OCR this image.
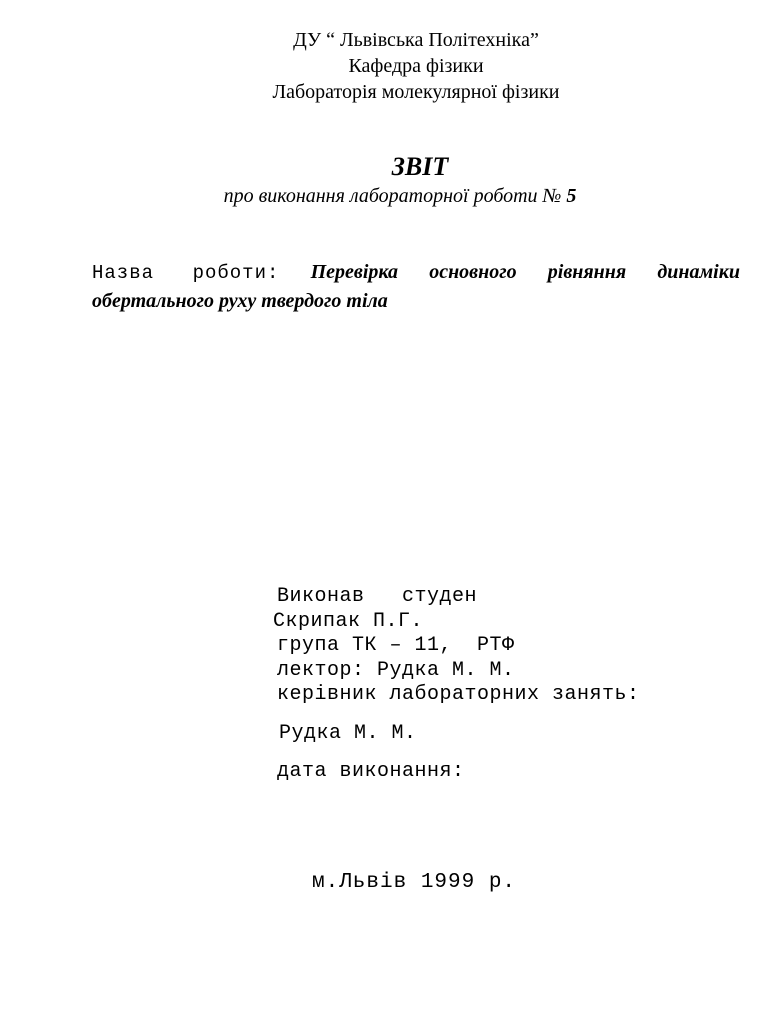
ДУ “ Львівська Політехніка”
Кафедра фізики
Лабораторія молекулярної фізики
ЗВІТ
про виконання лабораторної роботи № 5
Назва роботи: Перевірка основного рівняння динаміки
обертального руху твердого тіла
Виконав   студен
Скрипак П.Г.
група ТК – 11,  РТФ
лектор: Рудка М. М.
керівник лабораторних занять:
Рудка М. М.
дата виконання:
м.Львів 1999 р.
